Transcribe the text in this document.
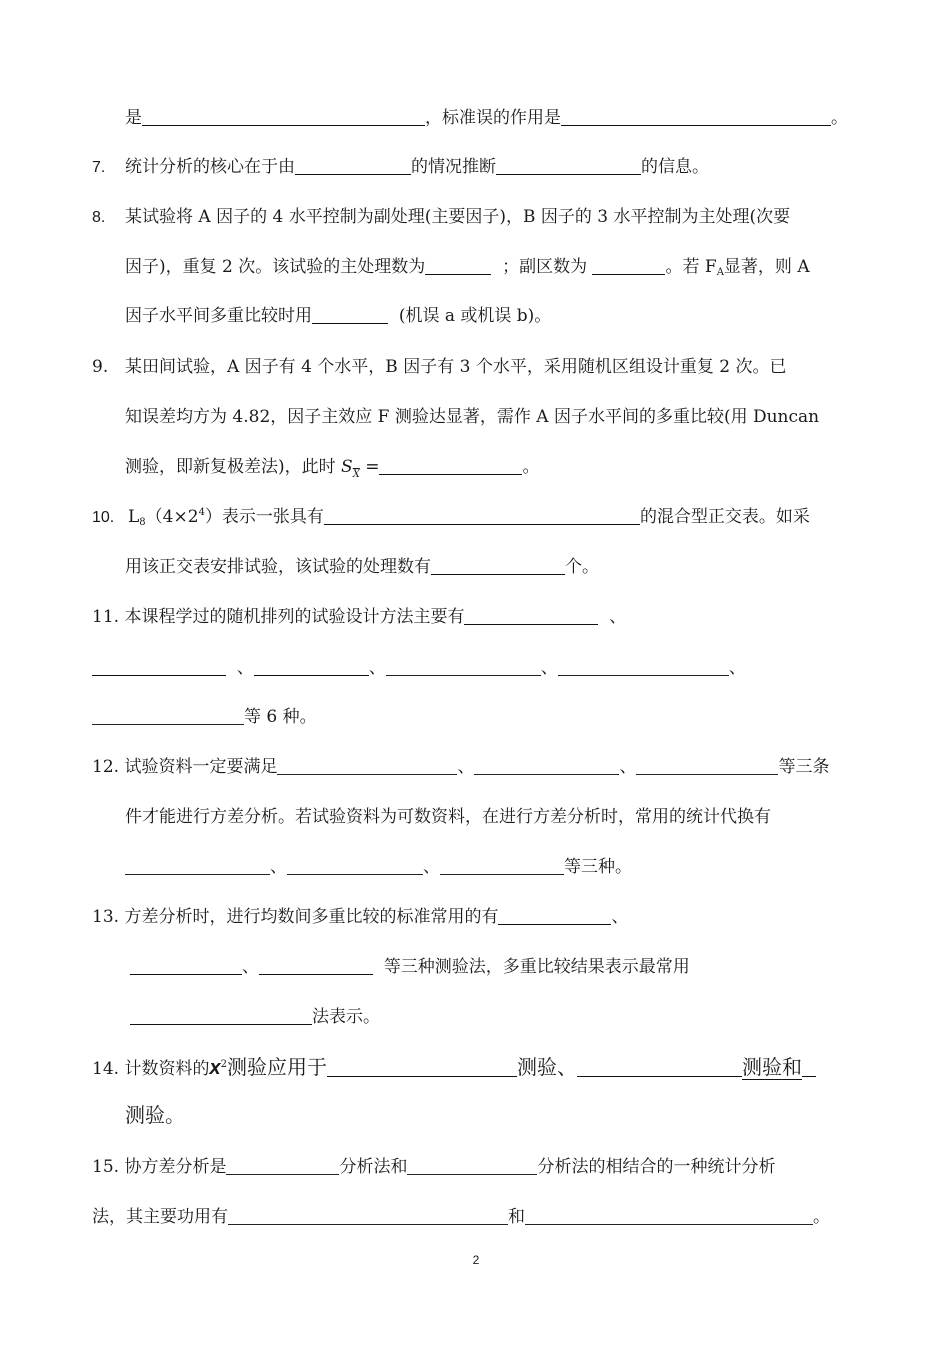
是	，标准误的作用是	。
7. 统计分析的核心在于由	的情况推断	的信息。
8. 某试验将 A 因子的 4 水平控制为副处理(主要因子)，B 因子的 3 水平控制为主处理(次要
因子)，重复 2 次。该试验的主处理数为	；副区数为	。若 FA显著，则 A
因子水平间多重比较时用	(机误 a 或机误 b)。
9. 某田间试验，A 因子有 4 个水平，B 因子有 3 个水平，采用随机区组设计重复 2 次。已
知误差均方为 4.82，因子主效应 F 测验达显著，需作 A 因子水平间的多重比较(用 Duncan
测验，即新复极差法)，此时 $S_{\overline{X}}$ =	。
10. $L8(4\times 2^4)$表示一张具有	的混合型正交表。如采
用该正交表安排试验，该试验的处理数有	个。
11. 本课程学过的随机排列的试验设计方法主要有	、
、	、	、	、
等 6 种。
12. 试验资料一定要满足	、	、	等三条
件才能进行方差分析。若试验资料为可数资料，在进行方差分析时，常用的统计代换有
、	、	等三种。
13. 方差分析时，进行均数间多重比较的标准常用的有	、
、	等三种测验法，多重比较结果表示最常用
法表示。
14. 计数资料的$x^2$测验应用于	测验、	测验和
测验。
15. 协方差分析是	分析法和	分析法的相结合的一种统计分析
法，其主要功用有	和	。
2
